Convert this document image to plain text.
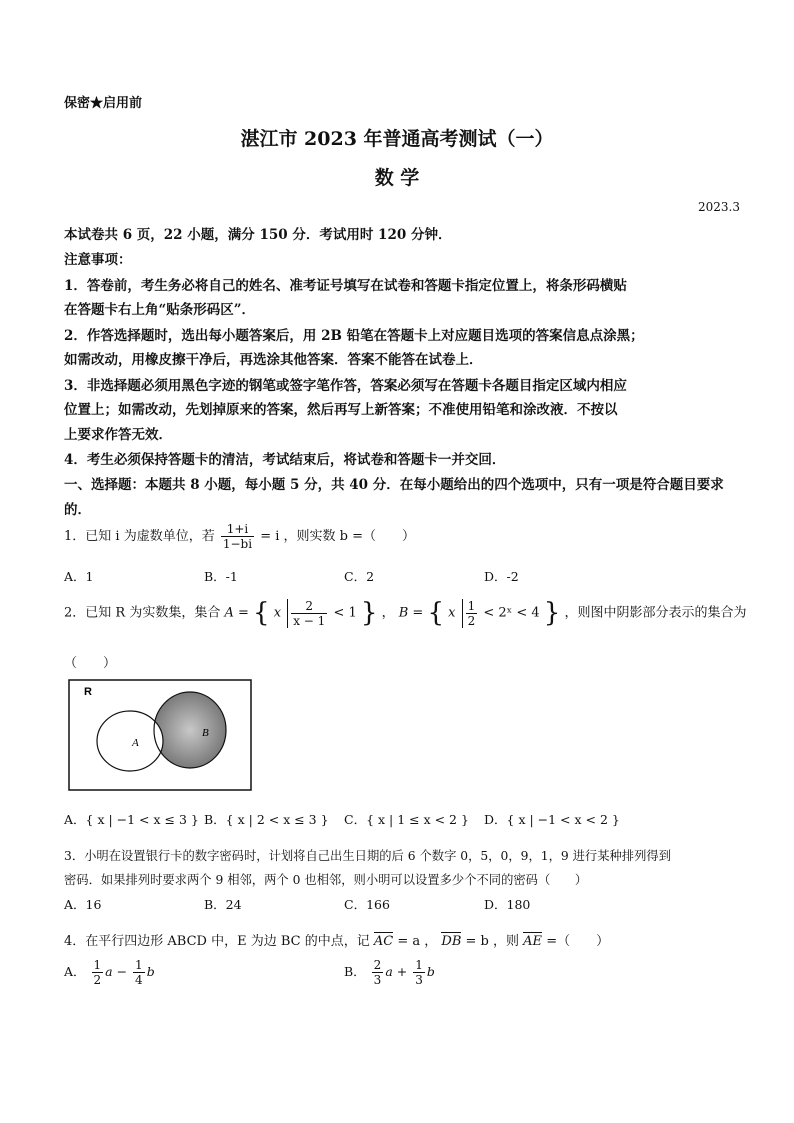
保密★启用前
湛江市 2023 年普通高考测试（一）
数 学
2023.3
本试卷共 6 页，22 小题，满分 150 分．考试用时 120 分钟．
注意事项：
1．答卷前，考生务必将自己的姓名、准考证号填写在试卷和答题卡指定位置上，将条形码横贴
在答题卡右上角“贴条形码区”．
2．作答选择题时，选出每小题答案后，用 2B 铅笔在答题卡上对应题目选项的答案信息点涂黑；
如需改动，用橡皮擦干净后，再选涂其他答案．答案不能答在试卷上．
3．非选择题必须用黑色字迹的钢笔或签字笔作答，答案必须写在答题卡各题目指定区域内相应
位置上；如需改动，先划掉原来的答案，然后再写上新答案；不准使用铅笔和涂改液．不按以
上要求作答无效．
4．考生必须保持答题卡的清洁，考试结束后，将试卷和答题卡一并交回．
一、选择题：本题共 8 小题，每小题 5 分，共 40 分．在每小题给出的四个选项中，只有一项是符合题目要求
的．
1．已知 i 为虚数单位，若 $\frac{1+i}{1-bi} = i$ ，则实数 b =（　　）
A．1	B．-1	C．2	D．-2
2．已知 R 为实数集，集合 A = { x $\frac{2}{x - 1} < 1$ } ， B = { x $\frac{1}{2}$ < 2ˣ < 4 } ，则图中阴影部分表示的集合为
（　　）
R
A
B
A．{ x | −1 < x ≤ 3 } B．{ x | 2 < x ≤ 3 } C．{ x | 1 ≤ x < 2 } D．{ x | −1 < x < 2 }
3．小明在设置银行卡的数字密码时，计划将自己出生日期的后 6 个数字 0，5，0，9，1，9 进行某种排列得到
密码．如果排列时要求两个 9 相邻，两个 0 也相邻，则小明可以设置多少个不同的密码（　　）
A．16	B．24	C．166	D．180
4．在平行四边形 ABCD 中，E 为边 BC 的中点，记 AC = a ， DB = b ，则 AE =（　　）
A． $\frac{1}{2}$ $a - \frac{1}{4}$ b	B． $\frac{2}{3}$ $a + \frac{1}{3}$ b
